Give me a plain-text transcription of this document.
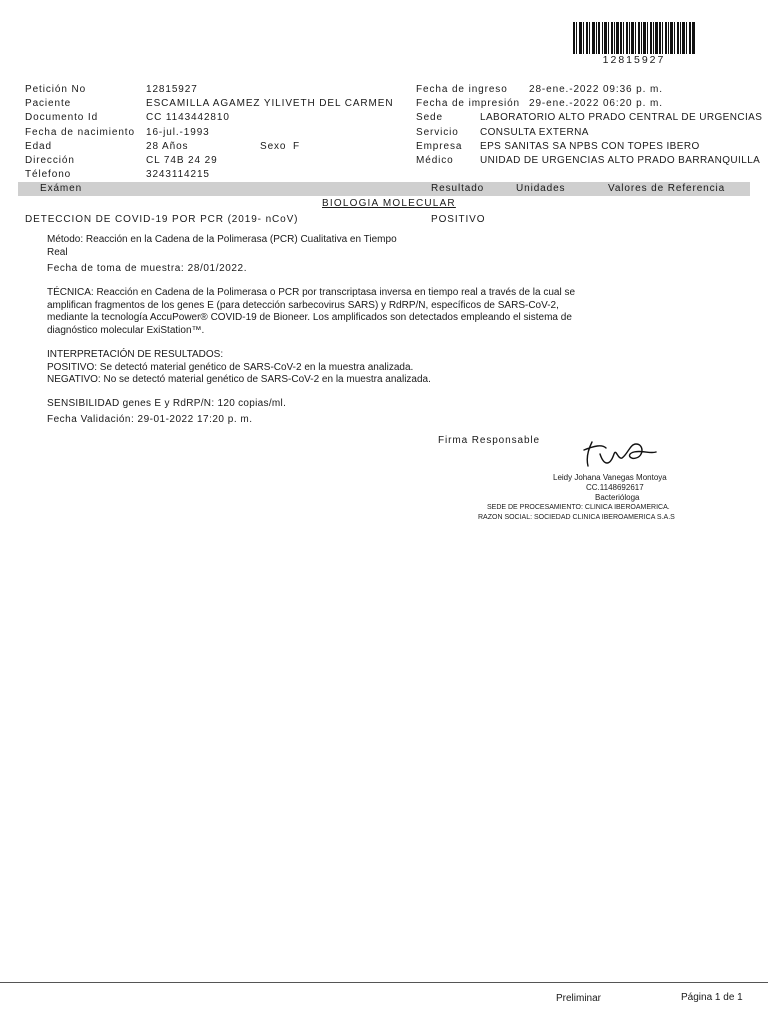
12815927
Petición No	12815927
Paciente	ESCAMILLA AGAMEZ YILIVETH DEL CARMEN
Documento Id	CC 1143442810
Fecha de nacimiento 16-jul.-1993
Edad	28 Años	Sexo F
Dirección	CL 74B 24 29
Télefono	3243114215
Fecha de ingreso 28-ene.-2022 09:36 p. m.
Fecha de impresión 29-ene.-2022 06:20 p. m.
Sede	LABORATORIO ALTO PRADO CENTRAL DE URGENCIAS
Servicio CONSULTA EXTERNA
Empresa EPS SANITAS SA NPBS CON TOPES IBERO
Médico	UNIDAD DE URGENCIAS ALTO PRADO BARRANQUILLA
Exámen	Resultado	Unidades	Valores de Referencia
BIOLOGIA MOLECULAR
DETECCION DE COVID-19 POR PCR (2019- nCoV)	POSITIVO
Método: Reacción en la Cadena de la Polimerasa (PCR) Cualitativa en Tiempo
Real
Fecha de toma de muestra: 28/01/2022.
TÉCNICA: Reacción en Cadena de la Polimerasa o PCR por transcriptasa inversa en tiempo real a través de la cual se
amplifican fragmentos de los genes E (para detección sarbecovirus SARS) y RdRP/N, específicos de SARS-CoV-2,
mediante la tecnología AccuPower® COVID-19 de Bioneer. Los amplificados son detectados empleando el sistema de
diagnóstico molecular ExiStation™.
INTERPRETACIÓN DE RESULTADOS:
POSITIVO: Se detectó material genético de SARS-CoV-2 en la muestra analizada.
NEGATIVO: No se detectó material genético de SARS-CoV-2 en la muestra analizada.
SENSIBILIDAD genes E y RdRP/N: 120 copias/ml.
Fecha Validación: 29-01-2022 17:20 p. m.
Firma Responsable
Leidy Johana Vanegas Montoya
CC.1148692617
Bacterióloga
SEDE DE PROCESAMIENTO: CLINICA IBEROAMERICA.
RAZON SOCIAL: SOCIEDAD CLINICA IBEROAMERICA S.A.S
Preliminar	Página 1 de 1
